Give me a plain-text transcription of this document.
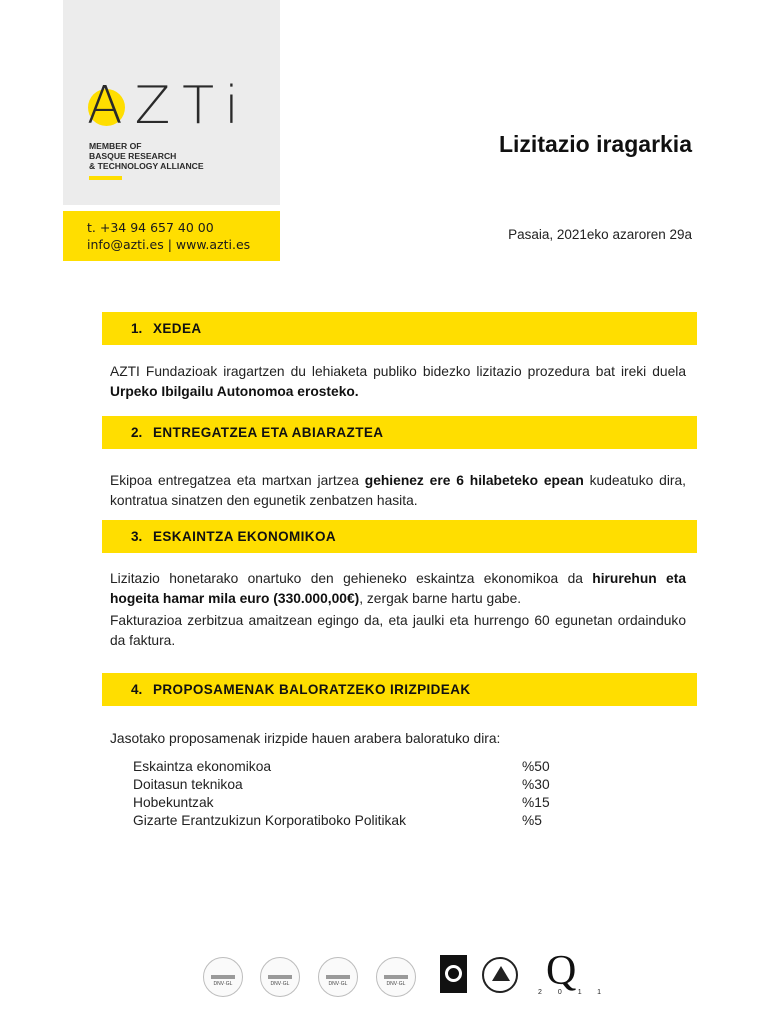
AZTi
MEMBER OF
BASQUE RESEARCH
& TECHNOLOGY ALLIANCE
t. +34 94 657 40 00
info@azti.es | www.azti.es
Lizitazio iragarkia
Pasaia, 2021eko azaroren 29a
1. XEDEA

AZTI Fundazioak iragartzen du lehiaketa publiko bidezko lizitazio prozedura bat ireki duela Urpeko Ibilgailu Autonomoa erosteko.

2. ENTREGATZEA ETA ABIARAZTEA

Ekipoa entregatzea eta martxan jartzea gehienez ere 6 hilabeteko epean kudeatuko dira, kontratua sinatzen den egunetik zenbatzen hasita.

3. ESKAINTZA EKONOMIKOA

Lizitazio honetarako onartuko den gehieneko eskaintza ekonomikoa da hirurehun eta hogeita hamar mila euro (330.000,00€), zergak barne hartu gabe.

Fakturazioa zerbitzua amaitzean egingo da, eta jaulki eta hurrengo 60 egunetan ordainduko da faktura.

4. PROPOSAMENAK BALORATZEKO IRIZPIDEAK

Jasotako proposamenak irizpide hauen arabera baloratuko dira:

Eskaintza ekonomikoa	%50
Doitasun teknikoa	%30
Hobekuntzak	%15
Gizarte Erantzukizun Korporatiboko Politikak	%5
DNV·GL	DNV·GL	DNV·GL	DNV·GL	Q
2011
